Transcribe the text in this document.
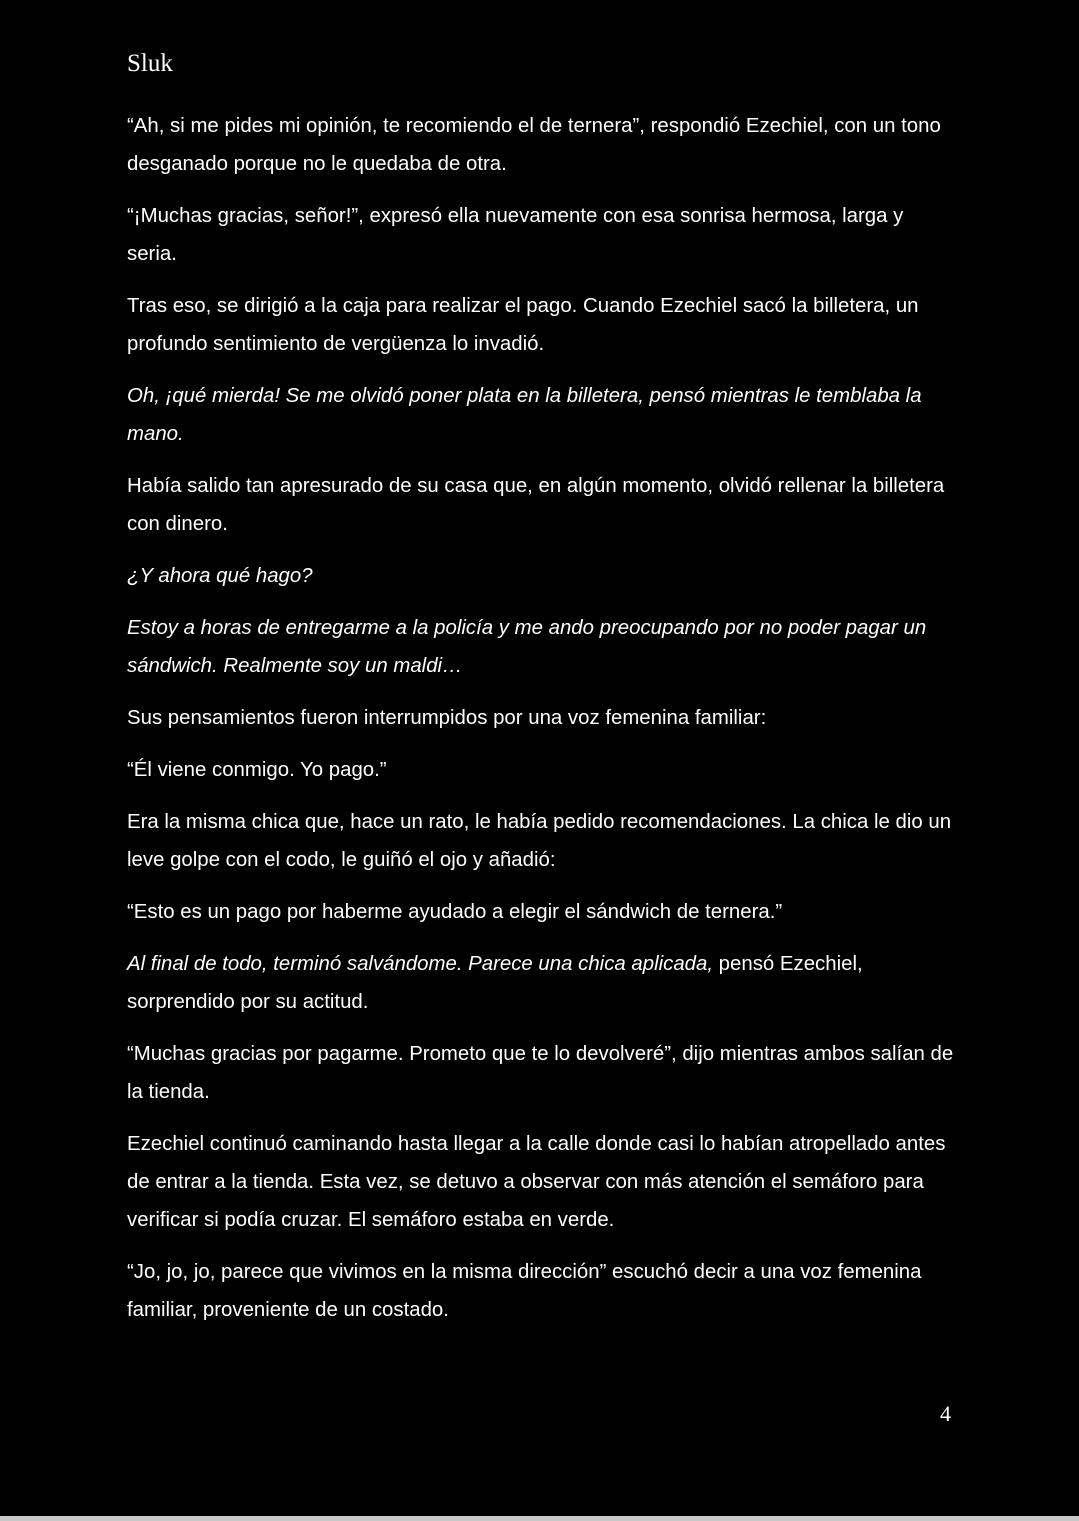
Sluk

“Ah, si me pides mi opinión, te recomiendo el de ternera”, respondió Ezechiel, con un tono desganado porque no le quedaba de otra.

“¡Muchas gracias, señor!”, expresó ella nuevamente con esa sonrisa hermosa, larga y seria.

Tras eso, se dirigió a la caja para realizar el pago. Cuando Ezechiel sacó la billetera, un profundo sentimiento de vergüenza lo invadió.

Oh, ¡qué mierda! Se me olvidó poner plata en la billetera, pensó mientras le temblaba la mano.

Había salido tan apresurado de su casa que, en algún momento, olvidó rellenar la billetera con dinero.

¿Y ahora qué hago?

Estoy a horas de entregarme a la policía y me ando preocupando por no poder pagar un sándwich. Realmente soy un maldi…

Sus pensamientos fueron interrumpidos por una voz femenina familiar:

“Él viene conmigo. Yo pago.”

Era la misma chica que, hace un rato, le había pedido recomendaciones. La chica le dio un leve golpe con el codo, le guiñó el ojo y añadió:

“Esto es un pago por haberme ayudado a elegir el sándwich de ternera.”

Al final de todo, terminó salvándome. Parece una chica aplicada, pensó Ezechiel, sorprendido por su actitud.

“Muchas gracias por pagarme. Prometo que te lo devolveré”, dijo mientras ambos salían de la tienda.

Ezechiel continuó caminando hasta llegar a la calle donde casi lo habían atropellado antes de entrar a la tienda. Esta vez, se detuvo a observar con más atención el semáforo para verificar si podía cruzar. El semáforo estaba en verde.

“Jo, jo, jo, parece que vivimos en la misma dirección” escuchó decir a una voz femenina familiar, proveniente de un costado.

4
